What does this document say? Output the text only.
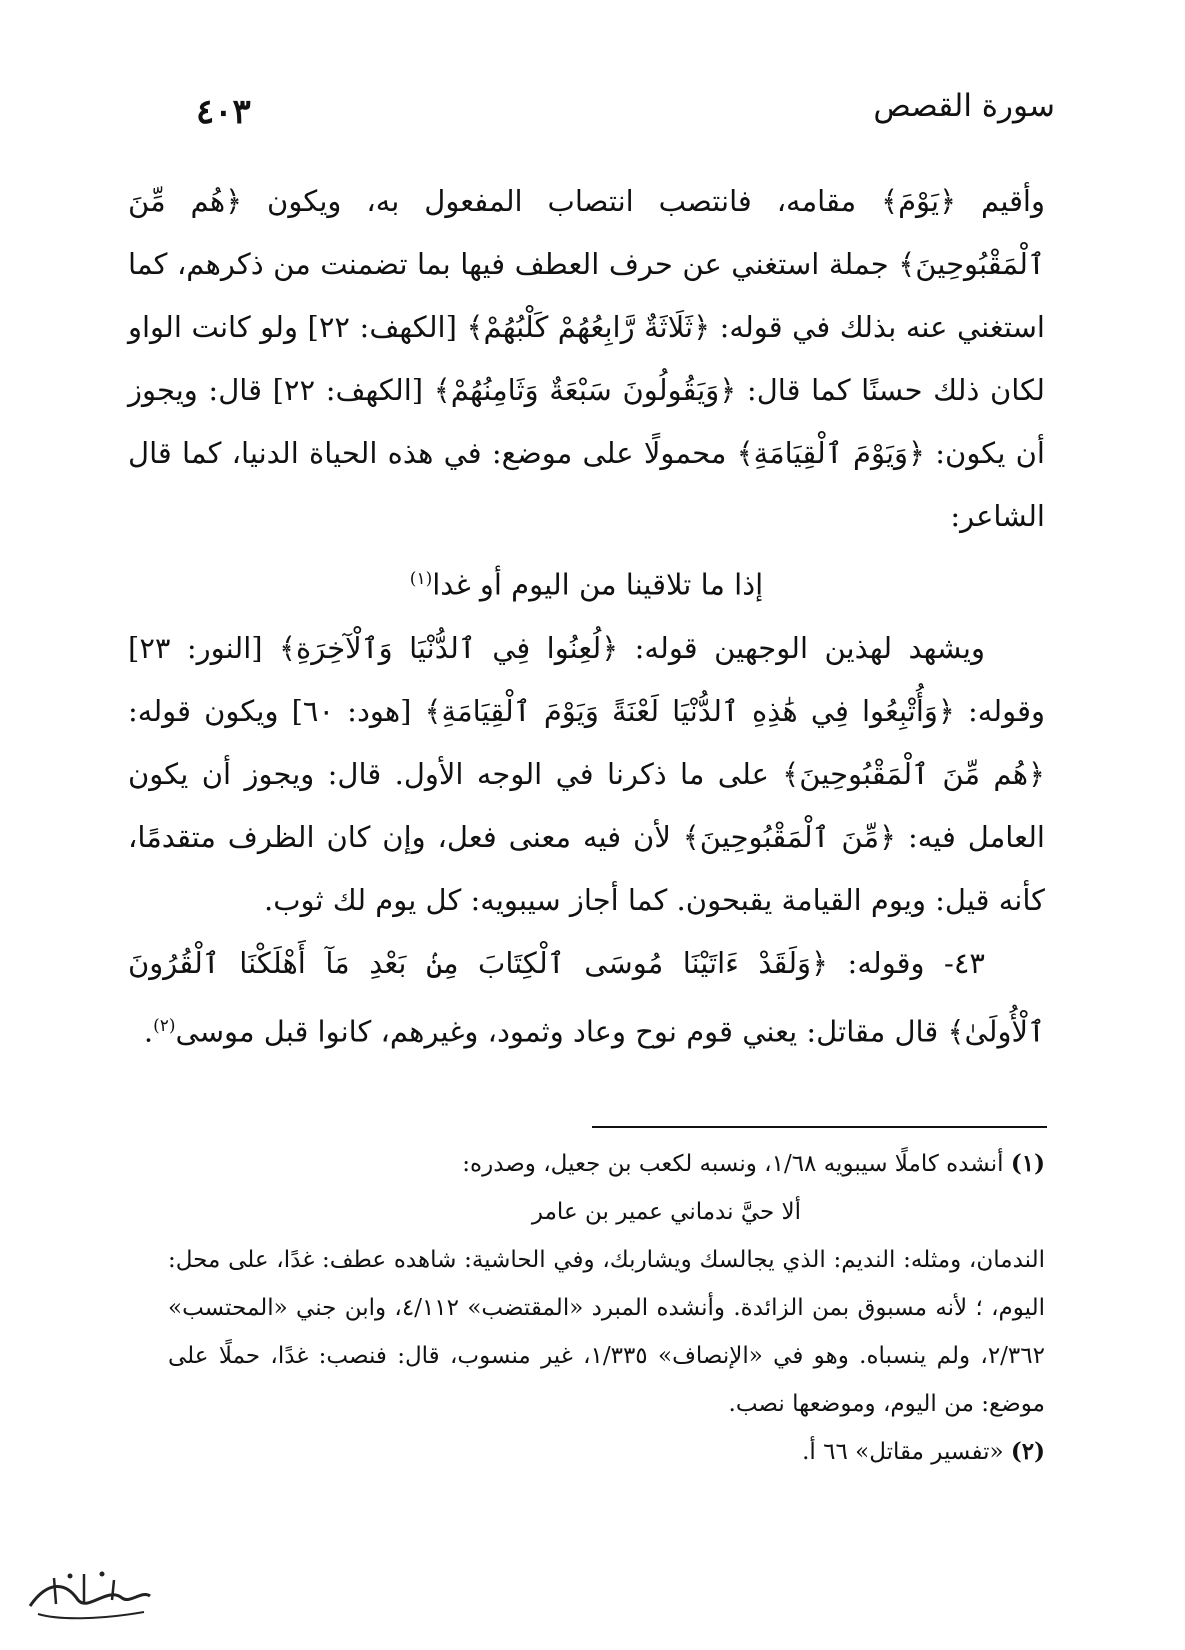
٤٠٣	سورة القصص

وأقيم ﴿يَوْمَ﴾ مقامه، فانتصب انتصاب المفعول به، ويكون ﴿هُم مِّنَ ٱلْمَقْبُوحِينَ﴾ جملة استغني عن حرف العطف فيها بما تضمنت من ذكرهم، كما استغني عنه بذلك في قوله: ﴿ثَلَاثَةٌ رَّابِعُهُمْ كَلْبُهُمْ﴾ [الكهف: ٢٢] ولو كانت الواو لكان ذلك حسنًا كما قال: ﴿وَيَقُولُونَ سَبْعَةٌ وَثَامِنُهُمْ﴾ [الكهف: ٢٢] قال: ويجوز أن يكون: ﴿وَيَوْمَ ٱلْقِيَامَةِ﴾ محمولًا على موضع: في هذه الحياة الدنيا، كما قال الشاعر:

إذا ما تلاقينا من اليوم أو غدا$^{(١)}$

ويشهد لهذين الوجهين قوله: ﴿لُعِنُوا فِي ٱلدُّنْيَا وَٱلْآخِرَةِ﴾ [النور: ٢٣] وقوله: ﴿وَأُتْبِعُوا فِي هَٰذِهِ ٱلدُّنْيَا لَعْنَةً وَيَوْمَ ٱلْقِيَامَةِ﴾ [هود: ٦٠] ويكون قوله: ﴿هُم مِّنَ ٱلْمَقْبُوحِينَ﴾ على ما ذكرنا في الوجه الأول. قال: ويجوز أن يكون العامل فيه: ﴿مِّنَ ٱلْمَقْبُوحِينَ﴾ لأن فيه معنى فعل، وإن كان الظرف متقدمًا، كأنه قيل: ويوم القيامة يقبحون. كما أجاز سيبويه: كل يوم لك ثوب.

٤٣- وقوله: ﴿وَلَقَدْ ءَاتَيْنَا مُوسَى ٱلْكِتَابَ مِنۢ بَعْدِ مَآ أَهْلَكْنَا ٱلْقُرُونَ ٱلْأُولَىٰ﴾ قال مقاتل: يعني قوم نوح وعاد وثمود، وغيرهم، كانوا قبل موسى$^{(٢)}$.

(١) أنشده كاملًا سيبويه ١/٦٨، ونسبه لكعب بن جعيل، وصدره:

ألا حيَّ ندماني عمير بن عامر

الندمان، ومثله: النديم: الذي يجالسك ويشاربك، وفي الحاشية: شاهده عطف: غدًا، على محل: اليوم، ؛ لأنه مسبوق بمن الزائدة. وأنشده المبرد «المقتضب» ٤/١١٢، وابن جني «المحتسب» ٢/٣٦٢، ولم ينسباه. وهو في «الإنصاف» ١/٣٣٥، غير منسوب، قال: فنصب: غدًا، حملًا على موضع: من اليوم، وموضعها نصب.

(٢) «تفسير مقاتل» ٦٦ أ.
